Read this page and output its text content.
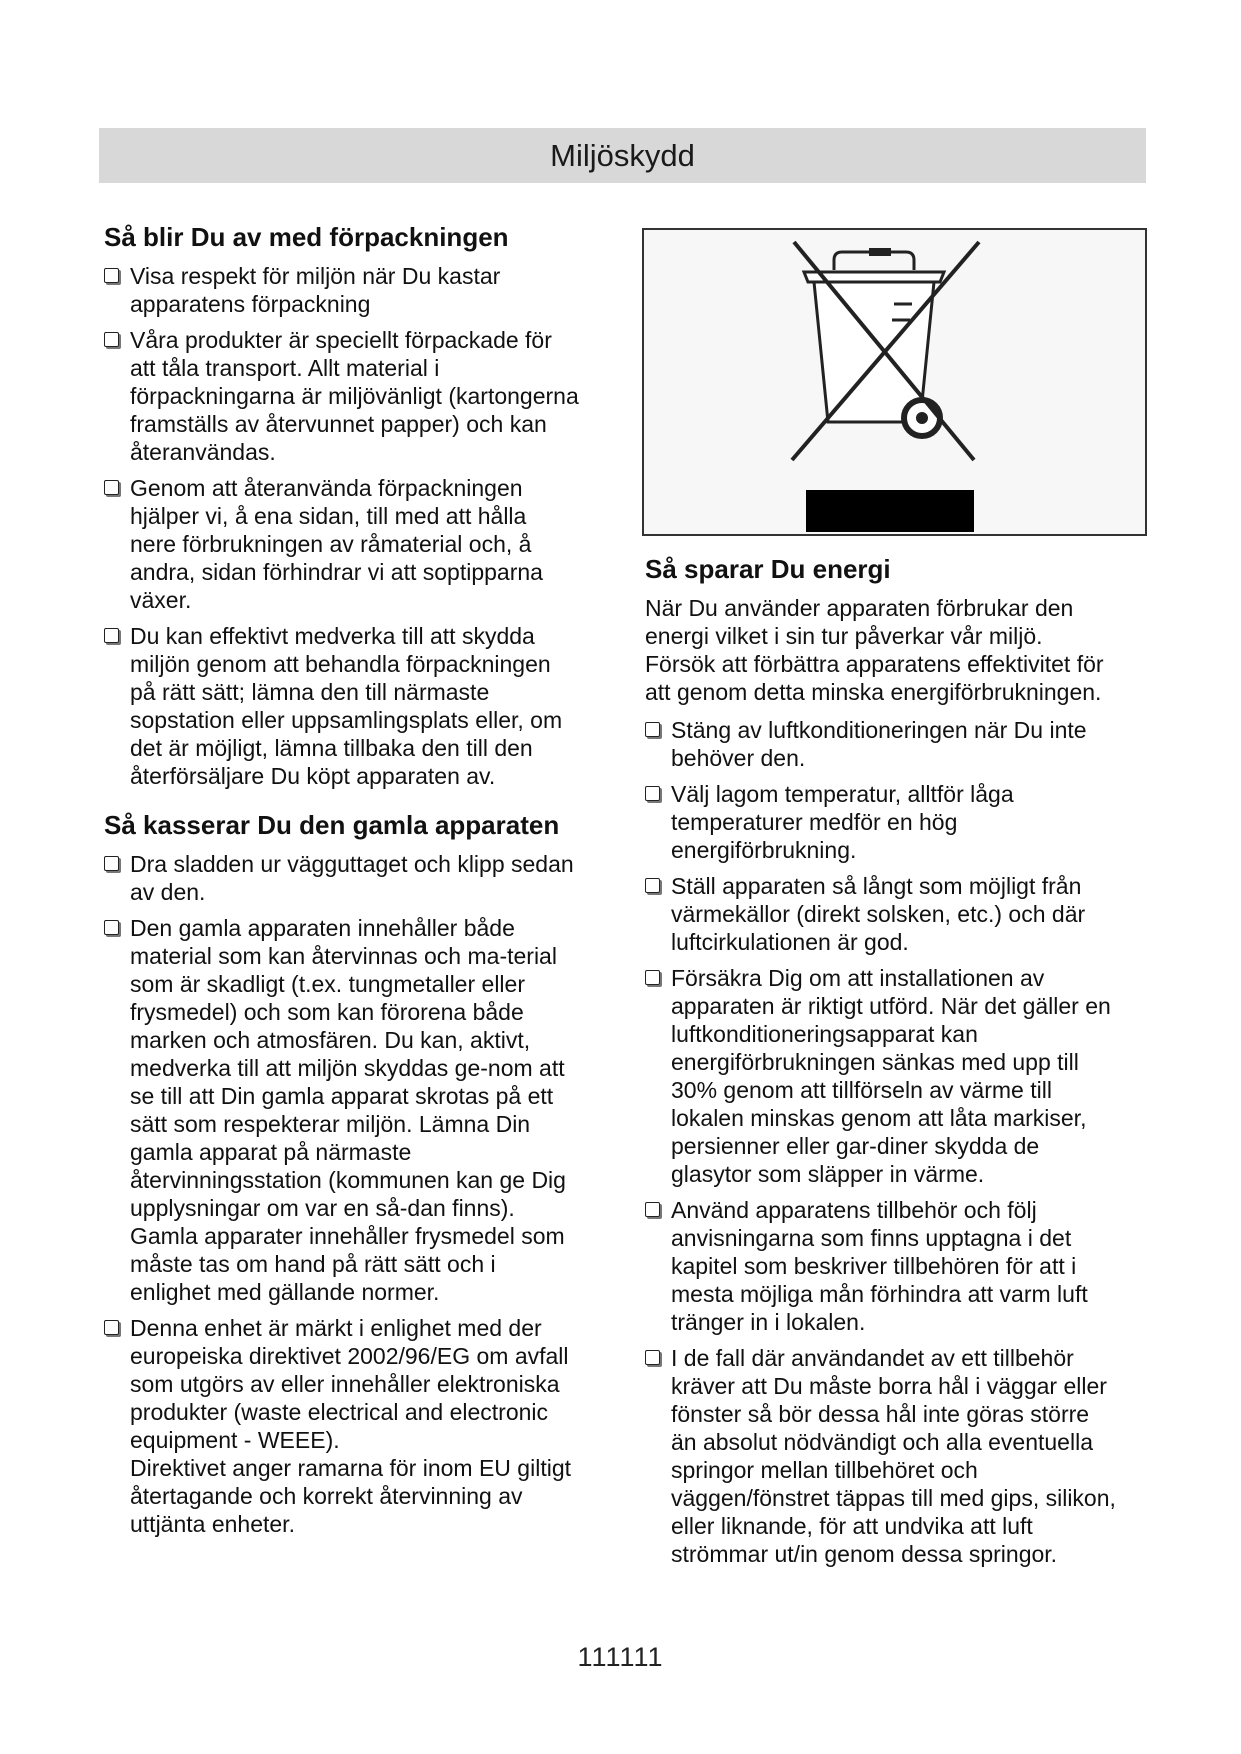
Miljöskydd
Så blir Du av med förpackningen
Visa respekt för miljön när Du kastar
apparatens förpackning
Våra produkter är speciellt förpackade för
att tåla transport. Allt material i
förpackningarna är miljövänligt (kartongerna
framställs av återvunnet papper) och kan
återanvändas.
Genom att återanvända förpackningen
hjälper vi, å ena sidan, till med att hålla
nere förbrukningen av råmaterial och, å
andra, sidan förhindrar vi att soptipparna
växer.
Du kan effektivt medverka till att skydda
miljön genom att behandla förpackningen
på rätt sätt; lämna den till närmaste
sopstation eller uppsamlingsplats eller, om
det är möjligt, lämna tillbaka den till den
återförsäljare Du köpt apparaten av.
Så kasserar Du den gamla apparaten
Dra sladden ur vägguttaget och klipp sedan
av den.
Den gamla apparaten innehåller både
material som kan återvinnas och ma-terial
som är skadligt (t.ex. tungmetaller eller
frysmedel) och som kan förorena både
marken och atmosfären. Du kan, aktivt,
medverka till att miljön skyddas ge-nom att
se till att Din gamla apparat skrotas på ett
sätt som respekterar miljön. Lämna Din
gamla apparat på närmaste
återvinningsstation (kommunen kan ge Dig
upplysningar om var en så-dan finns).
Gamla apparater innehåller frysmedel som
måste tas om hand på rätt sätt och i
enlighet med gällande normer.
Denna enhet är märkt i enlighet med der
europeiska direktivet 2002/96/EG om avfall
som utgörs av eller innehåller elektroniska
produkter (waste electrical and electronic
equipment - WEEE).
Direktivet anger ramarna för inom EU giltigt
återtagande och korrekt återvinning av
uttjänta enheter.
Så sparar Du energi

När Du använder apparaten förbrukar den
energi vilket i sin tur påverkar vår miljö.
Försök att förbättra apparatens effektivitet för
att genom detta minska energiförbrukningen.

Stäng av luftkonditioneringen när Du inte
behöver den.
Välj lagom temperatur, alltför låga
temperaturer medför en hög
energiförbrukning.
Ställ apparaten så långt som möjligt från
värmekällor (direkt solsken, etc.) och där
luftcirkulationen är god.
Försäkra Dig om att installationen av
apparaten är riktigt utförd. När det gäller en
luftkonditioneringsapparat kan
energiförbrukningen sänkas med upp till
30% genom att tillförseln av värme till
lokalen minskas genom att låta markiser,
persienner eller gar-diner skydda de
glasytor som släpper in värme.
Använd apparatens tillbehör och följ
anvisningarna som finns upptagna i det
kapitel som beskriver tillbehören för att i
mesta möjliga mån förhindra att varm luft
tränger in i lokalen.
I de fall där användandet av ett tillbehör
kräver att Du måste borra hål i väggar eller
fönster så bör dessa hål inte göras större
än absolut nödvändigt och alla eventuella
springor mellan tillbehöret och
väggen/fönstret täppas till med gips, silikon,
eller liknande, för att undvika att luft
strömmar ut/in genom dessa springor.
111111
